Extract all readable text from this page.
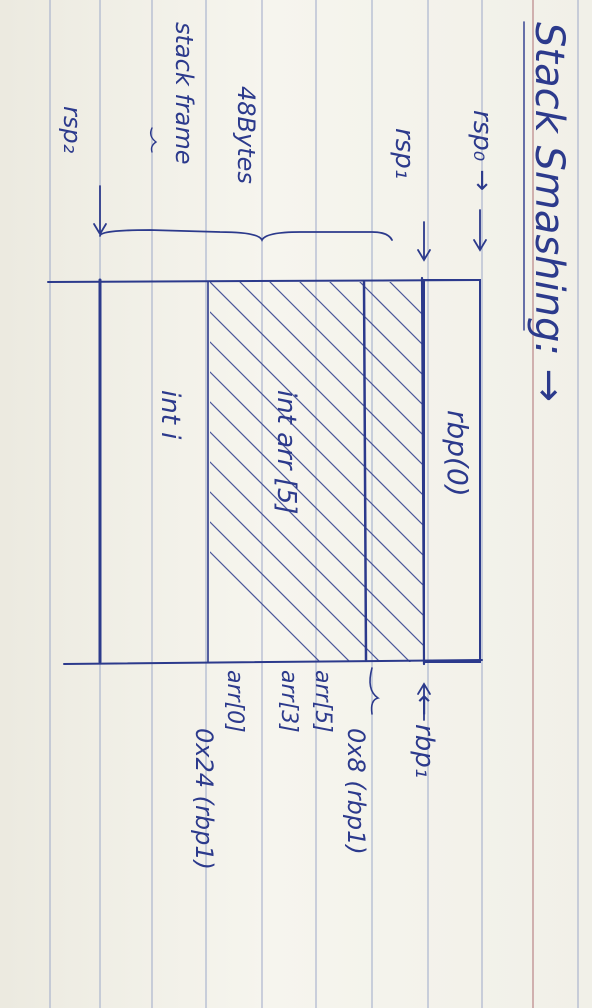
Stack Smashing: →
rsp₀ →
rsp₁
48Bytes
stack frame
rsp₂
rbp(0)
int arr [5]
int i
← rbp₁
0x8 (rbp1)
arr[5]
arr[3]
arr[0]
0x24 (rbp1)
